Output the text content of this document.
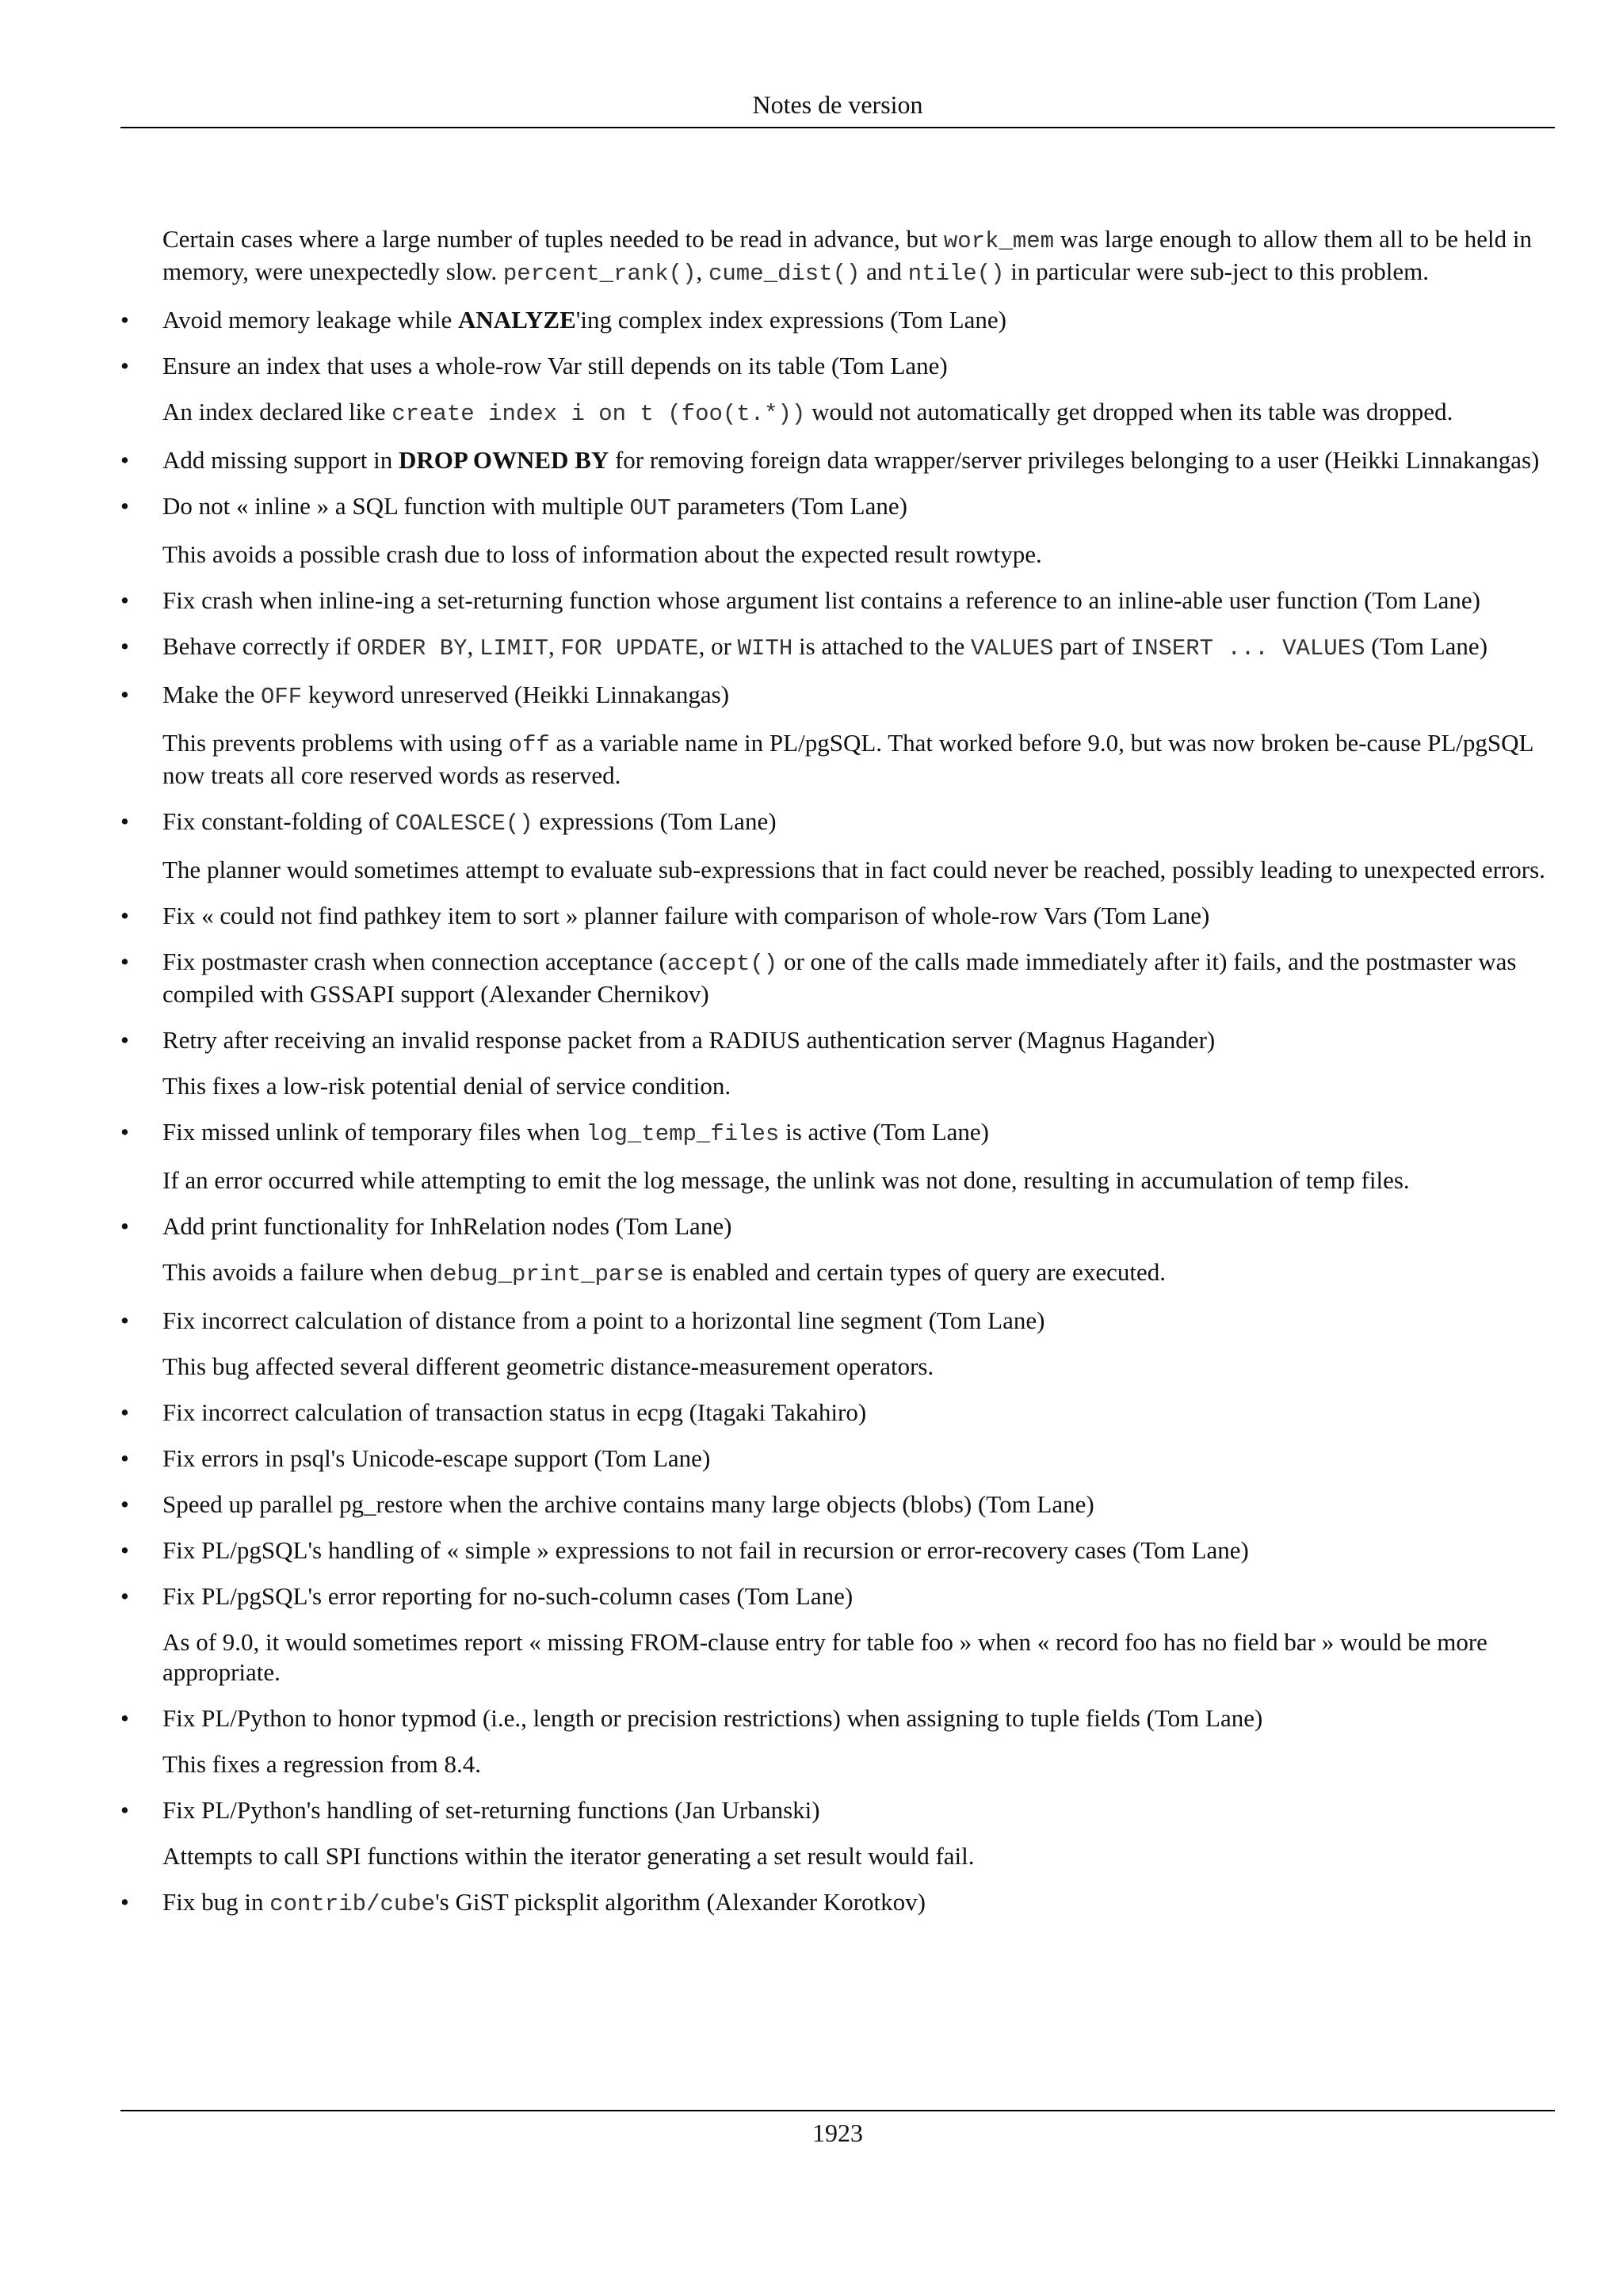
Notes de version
Certain cases where a large number of tuples needed to be read in advance, but work_mem was large enough to allow them all to be held in memory, were unexpectedly slow. percent_rank(), cume_dist() and ntile() in particular were sub-ject to this problem.
• Avoid memory leakage while ANALYZE'ing complex index expressions (Tom Lane)
• Ensure an index that uses a whole-row Var still depends on its table (Tom Lane)
An index declared like create index i on t (foo(t.*)) would not automatically get dropped when its table was dropped.
• Add missing support in DROP OWNED BY for removing foreign data wrapper/server privileges belonging to a user (Heikki Linnakangas)
• Do not « inline » a SQL function with multiple OUT parameters (Tom Lane)
This avoids a possible crash due to loss of information about the expected result rowtype.
• Fix crash when inline-ing a set-returning function whose argument list contains a reference to an inline-able user function (Tom Lane)
• Behave correctly if ORDER BY, LIMIT, FOR UPDATE, or WITH is attached to the VALUES part of INSERT ... VALUES (Tom Lane)
• Make the OFF keyword unreserved (Heikki Linnakangas)
This prevents problems with using off as a variable name in PL/pgSQL. That worked before 9.0, but was now broken be-cause PL/pgSQL now treats all core reserved words as reserved.
• Fix constant-folding of COALESCE() expressions (Tom Lane)
The planner would sometimes attempt to evaluate sub-expressions that in fact could never be reached, possibly leading to unexpected errors.
• Fix « could not find pathkey item to sort » planner failure with comparison of whole-row Vars (Tom Lane)
• Fix postmaster crash when connection acceptance (accept() or one of the calls made immediately after it) fails, and the postmaster was compiled with GSSAPI support (Alexander Chernikov)
• Retry after receiving an invalid response packet from a RADIUS authentication server (Magnus Hagander)
This fixes a low-risk potential denial of service condition.
• Fix missed unlink of temporary files when log_temp_files is active (Tom Lane)
If an error occurred while attempting to emit the log message, the unlink was not done, resulting in accumulation of temp files.
• Add print functionality for InhRelation nodes (Tom Lane)
This avoids a failure when debug_print_parse is enabled and certain types of query are executed.
• Fix incorrect calculation of distance from a point to a horizontal line segment (Tom Lane)
This bug affected several different geometric distance-measurement operators.
• Fix incorrect calculation of transaction status in ecpg (Itagaki Takahiro)
• Fix errors in psql's Unicode-escape support (Tom Lane)
• Speed up parallel pg_restore when the archive contains many large objects (blobs) (Tom Lane)
• Fix PL/pgSQL's handling of « simple » expressions to not fail in recursion or error-recovery cases (Tom Lane)
• Fix PL/pgSQL's error reporting for no-such-column cases (Tom Lane)
As of 9.0, it would sometimes report « missing FROM-clause entry for table foo » when « record foo has no field bar » would be more appropriate.
• Fix PL/Python to honor typmod (i.e., length or precision restrictions) when assigning to tuple fields (Tom Lane)
This fixes a regression from 8.4.
• Fix PL/Python's handling of set-returning functions (Jan Urbanski)
Attempts to call SPI functions within the iterator generating a set result would fail.
• Fix bug in contrib/cube's GiST picksplit algorithm (Alexander Korotkov)
1923
